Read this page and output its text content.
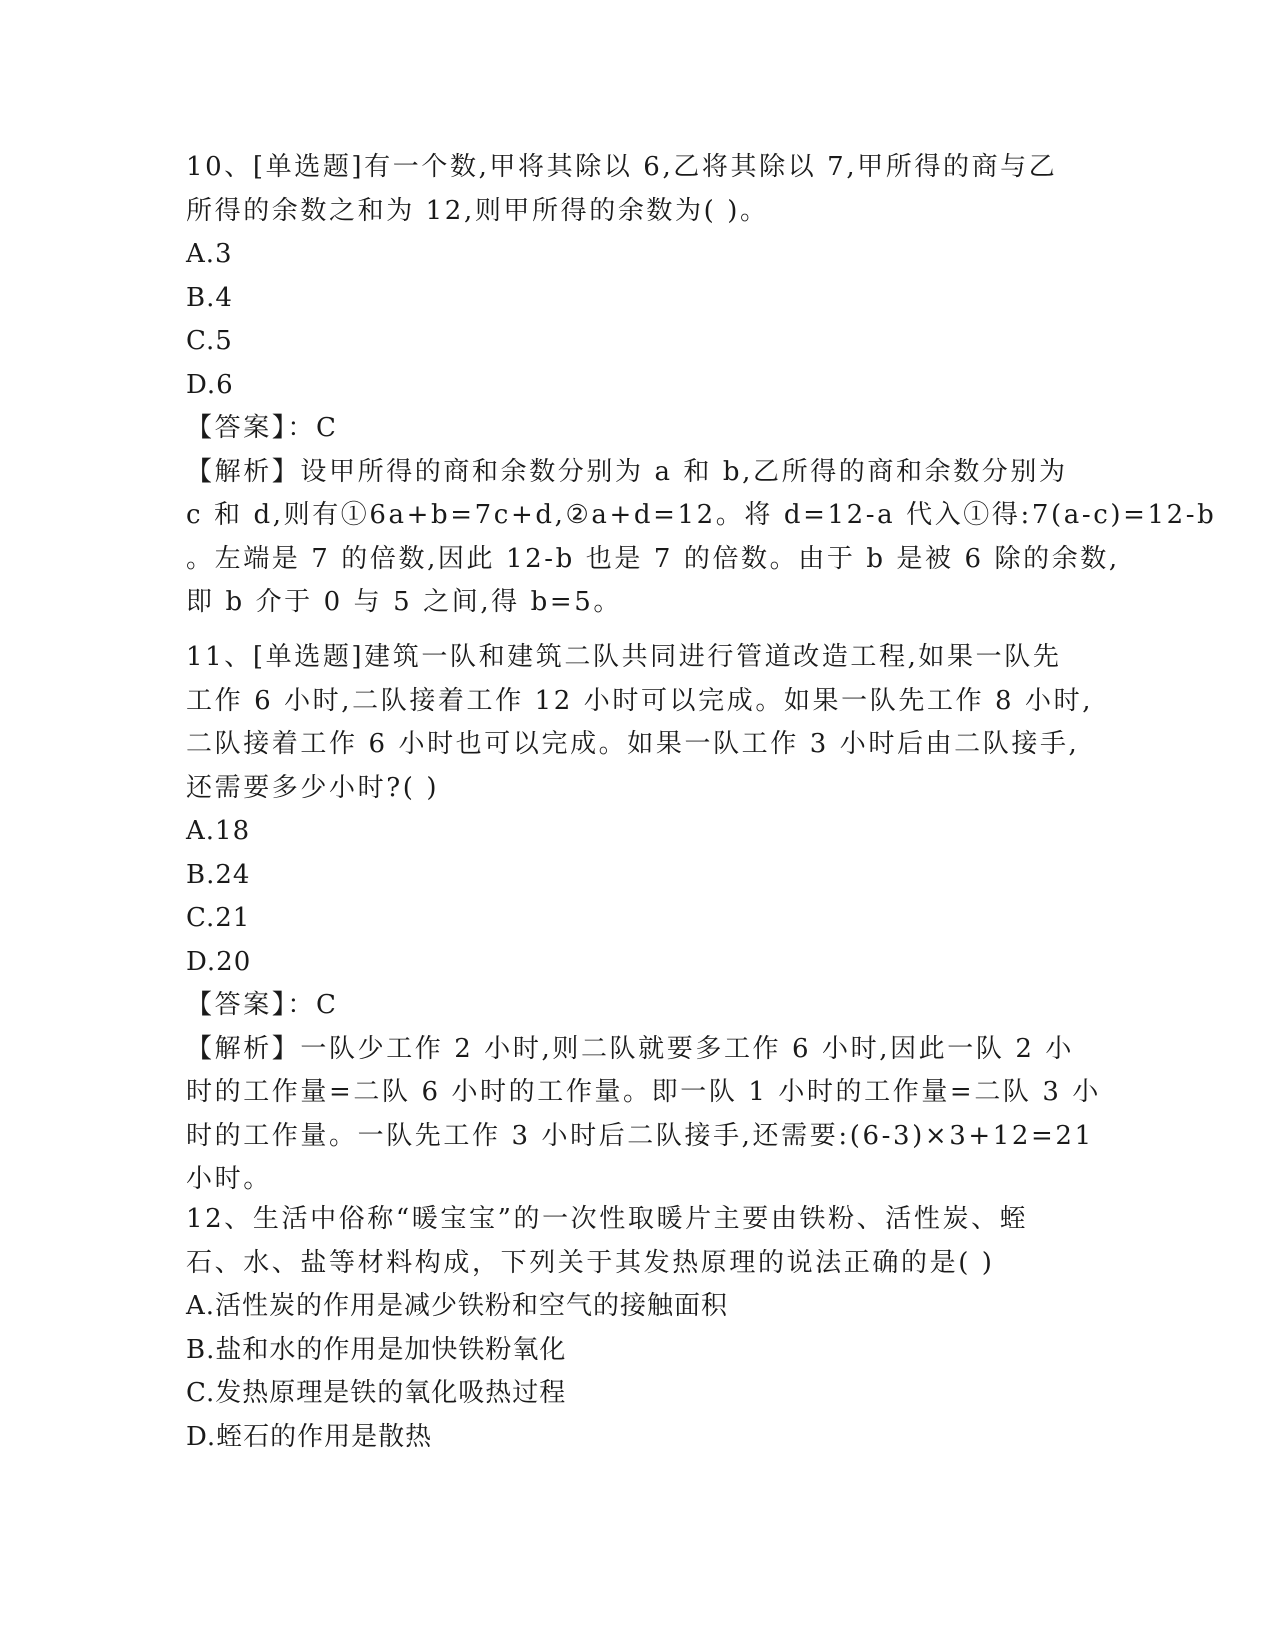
10、[单选题]有一个数,甲将其除以 6,乙将其除以 7,甲所得的商与乙
所得的余数之和为 12,则甲所得的余数为( )。
A.3
B.4
C.5
D.6
【答案】：C
【解析】设甲所得的商和余数分别为 a 和 b,乙所得的商和余数分别为
c 和 d,则有①6a+b=7c+d,②a+d=12。将 d=12-a 代入①得:7(a-c)=12-b
。左端是 7 的倍数,因此 12-b 也是 7 的倍数。由于 b 是被 6 除的余数,
即 b 介于 0 与 5 之间,得 b=5。
11、[单选题]建筑一队和建筑二队共同进行管道改造工程,如果一队先
工作 6 小时,二队接着工作 12 小时可以完成。如果一队先工作 8 小时,
二队接着工作 6 小时也可以完成。如果一队工作 3 小时后由二队接手,
还需要多少小时?( )
A.18
B.24
C.21
D.20
【答案】：C
【解析】一队少工作 2 小时,则二队就要多工作 6 小时,因此一队 2 小
时的工作量=二队 6 小时的工作量。即一队 1 小时的工作量=二队 3 小
时的工作量。一队先工作 3 小时后二队接手,还需要:(6-3)×3+12=21
小时。
12、生活中俗称“暖宝宝”的一次性取暖片主要由铁粉、活性炭、蛭
石、水、盐等材料构成，下列关于其发热原理的说法正确的是( )
A.活性炭的作用是减少铁粉和空气的接触面积
B.盐和水的作用是加快铁粉氧化
C.发热原理是铁的氧化吸热过程
D.蛭石的作用是散热
